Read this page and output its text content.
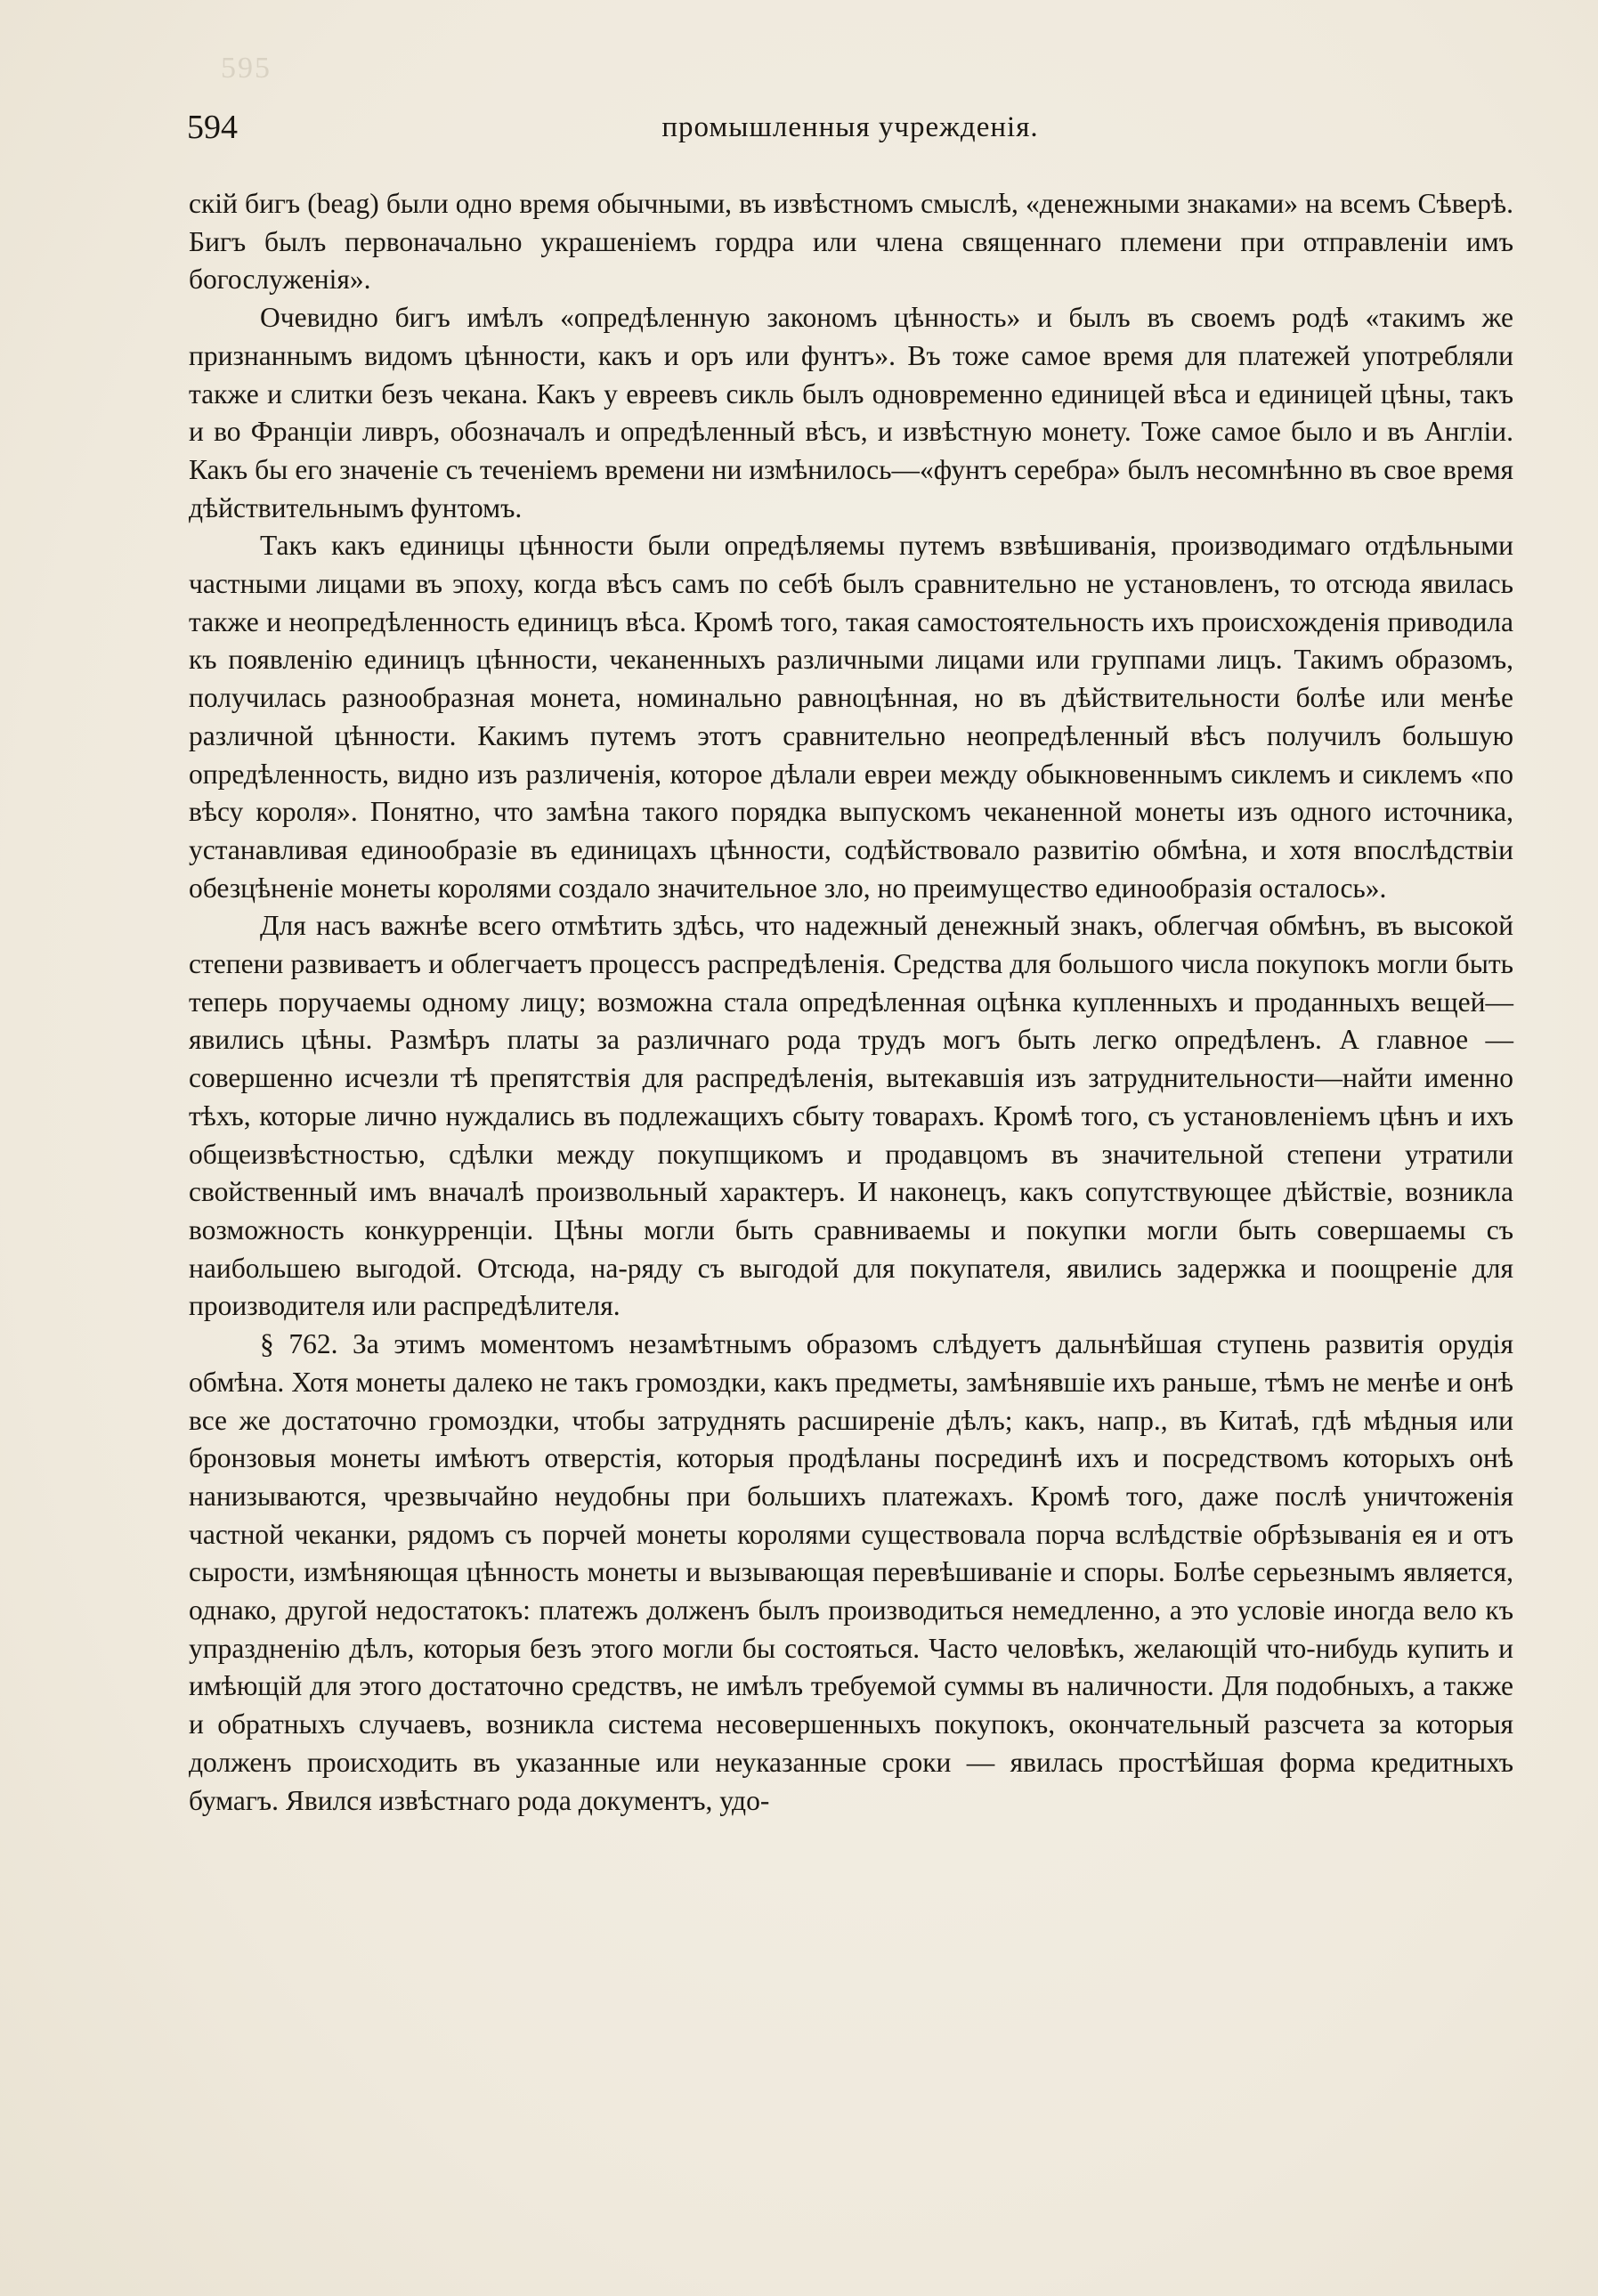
595
594	промышленныя учрежденія.

скій бигъ (beag) были одно время обычными, въ извѣстномъ смыслѣ, «денежными знаками» на всемъ Сѣверѣ. Бигъ былъ первоначально украшеніемъ гордра или члена священнаго племени при отправленіи имъ богослуженія».

Очевидно бигъ имѣлъ «опредѣленную закономъ цѣнность» и былъ въ своемъ родѣ «такимъ же признаннымъ видомъ цѣнности, какъ и оръ или фунтъ». Въ тоже самое время для платежей употребляли также и слитки безъ чекана. Какъ у евреевъ сикль былъ одновременно единицей вѣса и единицей цѣны, такъ и во Франціи ливръ, обозначалъ и опредѣленный вѣсъ, и извѣстную монету. Тоже самое было и въ Англіи. Какъ бы его значеніе съ теченіемъ времени ни измѣнилось—«фунтъ серебра» былъ несомнѣнно въ свое время дѣйствительнымъ фунтомъ.

Такъ какъ единицы цѣнности были опредѣляемы путемъ взвѣшиванія, производимаго отдѣльными частными лицами въ эпоху, когда вѣсъ самъ по себѣ былъ сравнительно не установленъ, то отсюда явилась также и неопредѣленность единицъ вѣса. Кромѣ того, такая самостоятельность ихъ происхожденія приводила къ появленію единицъ цѣнности, чеканенныхъ различными лицами или группами лицъ. Такимъ образомъ, получилась разнообразная монета, номинально равноцѣнная, но въ дѣйствительности болѣе или менѣе различной цѣнности. Какимъ путемъ этотъ сравнительно неопредѣленный вѣсъ получилъ большую опредѣленность, видно изъ различенія, которое дѣлали евреи между обыкновеннымъ сиклемъ и сиклемъ «по вѣсу короля». Понятно, что замѣна такого порядка выпускомъ чеканенной монеты изъ одного источника, устанавливая единообразіе въ единицахъ цѣнности, содѣйствовало развитію обмѣна, и хотя впослѣдствіи обезцѣненіе монеты королями создало значительное зло, но преимущество единообразія осталось».

Для насъ важнѣе всего отмѣтить здѣсь, что надежный денежный знакъ, облегчая обмѣнъ, въ высокой степени развиваетъ и облегчаетъ процессъ распредѣленія. Средства для большого числа покупокъ могли быть теперь поручаемы одному лицу; возможна стала опредѣленная оцѣнка купленныхъ и проданныхъ вещей—явились цѣны. Размѣръ платы за различнаго рода трудъ могъ быть легко опредѣленъ. А главное — совершенно исчезли тѣ препятствія для распредѣленія, вытекавшія изъ затруднительности—найти именно тѣхъ, которые лично нуждались въ подлежащихъ сбыту товарахъ. Кромѣ того, съ установленіемъ цѣнъ и ихъ общеизвѣстностью, сдѣлки между покупщикомъ и продавцомъ въ значительной степени утратили свойственный имъ вначалѣ произвольный характеръ. И наконецъ, какъ сопутствующее дѣйствіе, возникла возможность конкурренціи. Цѣны могли быть сравниваемы и покупки могли быть совершаемы съ наибольшею выгодой. Отсюда, на-ряду съ выгодой для покупателя, явились задержка и поощреніе для производителя или распредѣлителя.

§ 762. За этимъ моментомъ незамѣтнымъ образомъ слѣдуетъ дальнѣйшая ступень развитія орудія обмѣна. Хотя монеты далеко не такъ громоздки, какъ предметы, замѣнявшіе ихъ раньше, тѣмъ не менѣе и онѣ все же достаточно громоздки, чтобы затруднять расширеніе дѣлъ; какъ, напр., въ Китаѣ, гдѣ мѣдныя или бронзовыя монеты имѣютъ отверстія, которыя продѣланы посрединѣ ихъ и посредствомъ которыхъ онѣ нанизываются, чрезвычайно неудобны при большихъ платежахъ. Кромѣ того, даже послѣ уничтоженія частной чеканки, рядомъ съ порчей монеты королями существовала порча вслѣдствіе обрѣзыванія ея и отъ сырости, измѣняющая цѣнность монеты и вызывающая перевѣшиваніе и споры. Болѣе серьезнымъ является, однако, другой недостатокъ: платежъ долженъ былъ производиться немедленно, а это условіе иногда вело къ упраздненію дѣлъ, которыя безъ этого могли бы состояться. Часто человѣкъ, желающій что-нибудь купить и имѣющій для этого достаточно средствъ, не имѣлъ требуемой суммы въ наличности. Для подобныхъ, а также и обратныхъ случаевъ, возникла система несовершенныхъ покупокъ, окончательный разсчета за которыя долженъ происходить въ указанные или неуказанные сроки — явилась простѣйшая форма кредитныхъ бумагъ. Явился извѣстнаго рода документъ, удо-
